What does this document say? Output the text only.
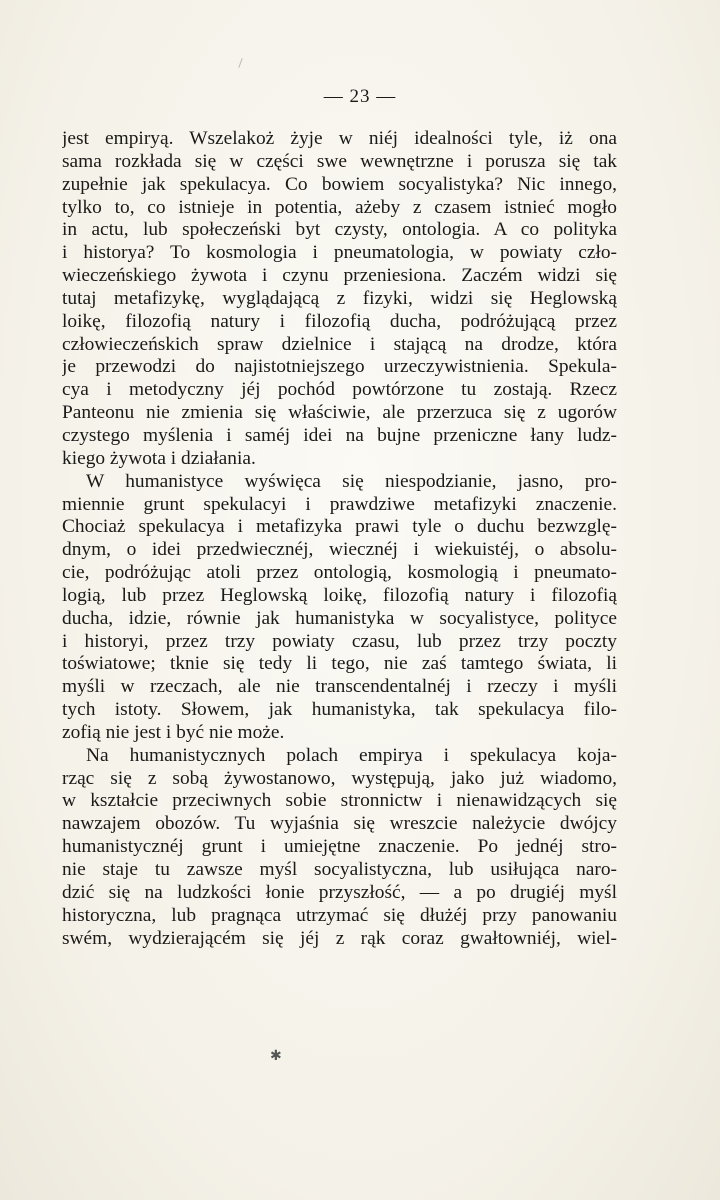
— 23 —
jest empiryą. Wszelakoż żyje w niéj idealności tyle, iż ona
sama rozkłada się w części swe wewnętrzne i porusza się tak
zupełnie jak spekulacya. Co bowiem socyalistyka? Nic innego,
tylko to, co istnieje in potentia, ażeby z czasem istnieć mogło
in actu, lub społeczeński byt czysty, ontologia. A co polityka
i historya? To kosmologia i pneumatologia, w powiaty czło-
wieczeńskiego żywota i czynu przeniesiona. Zaczém widzi się
tutaj metafizykę, wyglądającą z fizyki, widzi się Heglowską
loikę, filozofią natury i filozofią ducha, podróżującą przez
człowieczeńskich spraw dzielnice i stającą na drodze, która
je przewodzi do najistotniejszego urzeczywistnienia. Spekula-
cya i metodyczny jéj pochód powtórzone tu zostają. Rzecz
Panteonu nie zmienia się właściwie, ale przerzuca się z ugorów
czystego myślenia i saméj idei na bujne przeniczne łany ludz-
kiego żywota i działania.
W humanistyce wyświęca się niespodzianie, jasno, pro-
miennie grunt spekulacyi i prawdziwe metafizyki znaczenie.
Chociaż spekulacya i metafizyka prawi tyle o duchu bezwzglę-
dnym, o idei przedwiecznéj, wiecznéj i wiekuistéj, o absolu-
cie, podróżując atoli przez ontologią, kosmologią i pneumato-
logią, lub przez Heglowską loikę, filozofią natury i filozofią
ducha, idzie, równie jak humanistyka w socyalistyce, polityce
i historyi, przez trzy powiaty czasu, lub przez trzy poczty
toświatowe; tknie się tedy li tego, nie zaś tamtego świata, li
myśli w rzeczach, ale nie transcendentalnéj i rzeczy i myśli
tych istoty. Słowem, jak humanistyka, tak spekulacya filo-
zofią nie jest i być nie może.
Na humanistycznych polach empirya i spekulacya koja-
rząc się z sobą żywostanowo, występują, jako już wiadomo,
w kształcie przeciwnych sobie stronnictw i nienawidzących się
nawzajem obozów. Tu wyjaśnia się wreszcie należycie dwójcy
humanistycznéj grunt i umiejętne znaczenie. Po jednéj stro-
nie staje tu zawsze myśl socyalistyczna, lub usiłująca naro-
dzić się na ludzkości łonie przyszłość, — a po drugiéj myśl
historyczna, lub pragnąca utrzymać się dłużéj przy panowaniu
swém, wydzierającém się jéj z rąk coraz gwałtowniéj, wiel-
✱
